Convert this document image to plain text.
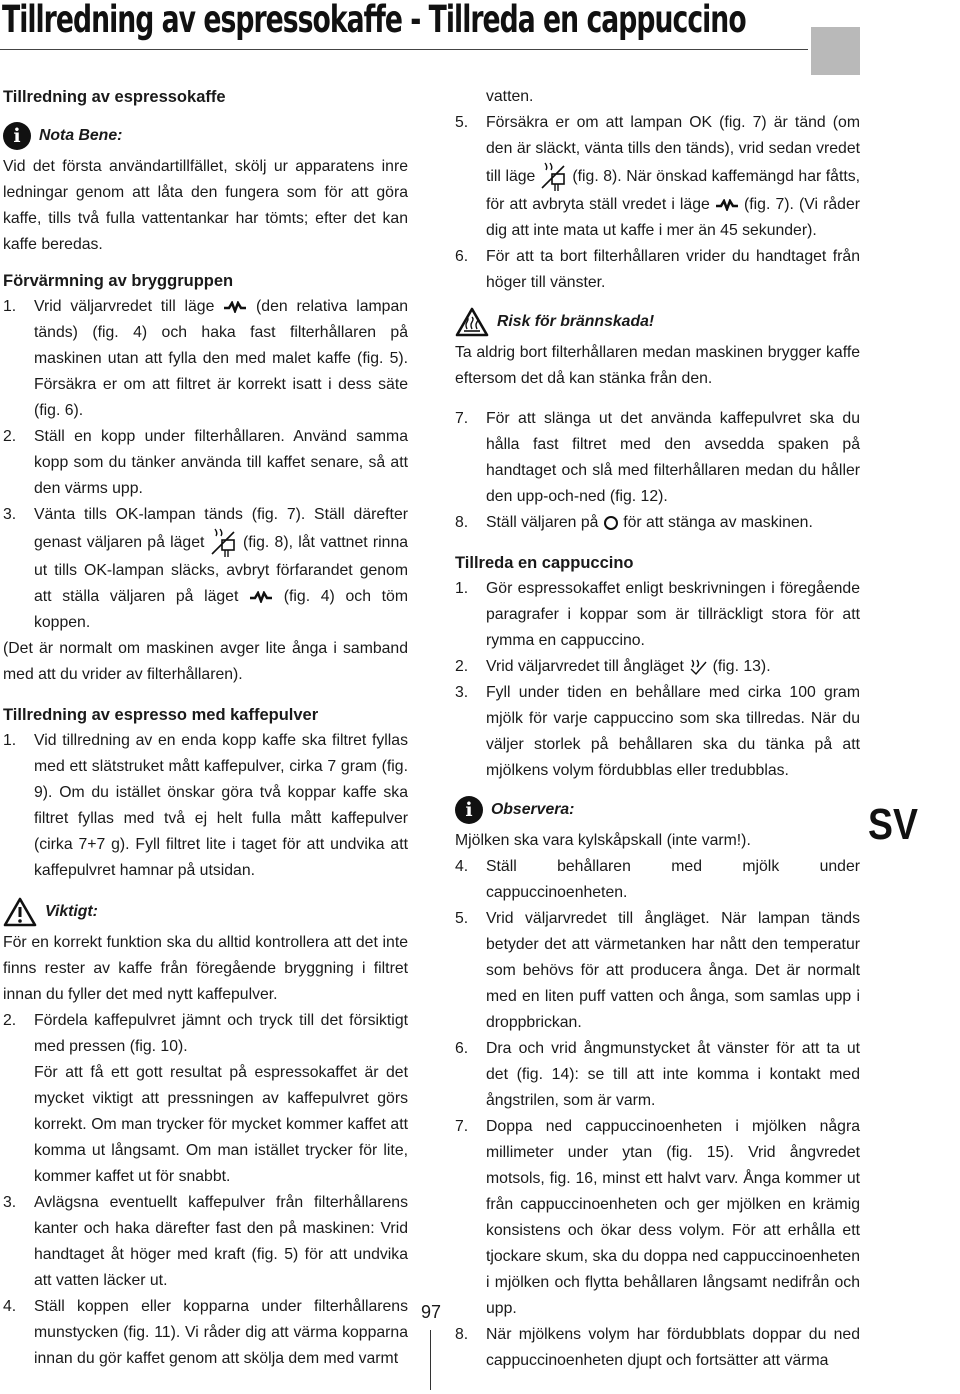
Tillredning av espressokaffe - Tillreda en cappuccino
Tillredning av espressokaffe
i	Nota Bene:

Vid det första användartillfället, skölj ur apparatens inre ledningar genom att låta den fungera som för att göra kaffe, tills två fulla vattentankar har tömts; efter det kan kaffe beredas.

Förvärmning av bryggruppen
1.	Vrid väljarvredet till läge	(den relativa lampan tänds) (fig. 4) och haka fast filterhållaren på maskinen utan att fylla den med malet kaffe (fig. 5). Försäkra er om att filtret är korrekt isatt i dess säte (fig. 6).
2.	Ställ en kopp under filterhållaren. Använd samma kopp som du tänker använda till kaffet senare, så att den värms upp.
3.	Vänta tills OK-lampan tänds (fig. 7). Ställ därefter genast väljaren på läget (fig. 8), låt vattnet rinna ut tills OK-lampan släcks, avbryt förfarandet genom att ställa väljaren på läget	(fig. 4) och töm koppen.

(Det är normalt om maskinen avger lite ånga i samband med att du vrider av filterhållaren).

Tillredning av espresso med kaffepulver
1.	Vid tillredning av en enda kopp kaffe ska filtret fyllas med ett slätstruket mått kaffepulver, cirka 7 gram (fig. 9). Om du istället önskar göra två koppar kaffe ska filtret fyllas med två ej helt fulla mått kaffepulver (cirka 7+7 g). Fyll filtret lite i taget för att undvika att kaffepulvret hamnar på utsidan.
Viktigt:

För en korrekt funktion ska du alltid kontrollera att det inte finns rester av kaffe från föregående bryggning i filtret innan du fyller det med nytt kaffepulver.

2.	Fördela kaffepulvret jämnt och tryck till det försiktigt med pressen (fig. 10).
För att få ett gott resultat på espressokaffet är det mycket viktigt att pressningen av kaffepulvret görs korrekt. Om man trycker för mycket kommer kaffet att komma ut långsamt. Om man istället trycker för lite, kommer kaffet ut för snabbt.
3.	Avlägsna eventuellt kaffepulver från filterhållarens kanter och haka därefter fast den på maskinen: Vrid handtaget åt höger med kraft (fig. 5) för att undvika att vatten läcker ut.
4.	Ställ koppen eller kopparna under filterhållarens munstycken (fig. 11). Vi råder dig att värma kopparna innan du gör kaffet genom att skölja dem med varmt
vatten.
5.	Försäkra er om att lampan OK (fig. 7) är tänd (om den är släckt, vänta tills den tänds), vrid sedan vredet till läge (fig. 8). När önskad kaffemängd har fåtts, för att avbryta ställ vredet i läge (fig. 7). (Vi råder dig att inte mata ut kaffe i mer än 45 sekunder).
6.	För att ta bort filterhållaren vrider du handtaget från höger till vänster.
Risk för brännskada!

Ta aldrig bort filterhållaren medan maskinen brygger kaffe eftersom det då kan stänka från den.

7.	För att slänga ut det använda kaffepulvret ska du hålla fast filtret med den avsedda spaken på handtaget och slå med filterhållaren medan du håller den upp-och-ned (fig. 12).
8.	Ställ väljaren på för att stänga av maskinen.
Tillreda en cappuccino
1.	Gör espressokaffet enligt beskrivningen i föregående paragrafer i koppar som är tillräckligt stora för att rymma en cappuccino.
2.	Vrid väljarvredet till ångläget (fig. 13).
3.	Fyll under tiden en behållare med cirka 100 gram mjölk för varje cappuccino som ska tillredas. När du väljer storlek på behållaren ska du tänka på att mjölkens volym fördubblas eller tredubblas.
i	Observera:

Mjölken ska vara kylskåpskall (inte varm!).

4.	Ställ behållaren med mjölk under cappuccinoenheten.
5.	Vrid väljarvredet till ångläget. När lampan tänds betyder det att värmetanken har nått den temperatur som behövs för att producera ånga. Det är normalt med en liten puff vatten och ånga, som samlas upp i droppbrickan.
6.	Dra och vrid ångmunstycket åt vänster för att ta ut det (fig. 14): se till att inte komma i kontakt med ångstrilen, som är varm.
7.	Doppa ned cappuccinoenheten i mjölken några millimeter under ytan (fig. 15). Vrid ångvredet motsols, fig. 16, minst ett halvt varv. Ånga kommer ut från cappuccinoenheten och ger mjölken en krämig konsistens och ökar dess volym. För att erhålla ett tjockare skum, ska du doppa ned cappuccinoenheten i mjölken och flytta behållaren långsamt nedifrån och upp.
8.	När mjölkens volym har fördubblats doppar du ned cappuccinoenheten djupt och fortsätter att värma
SV
97
